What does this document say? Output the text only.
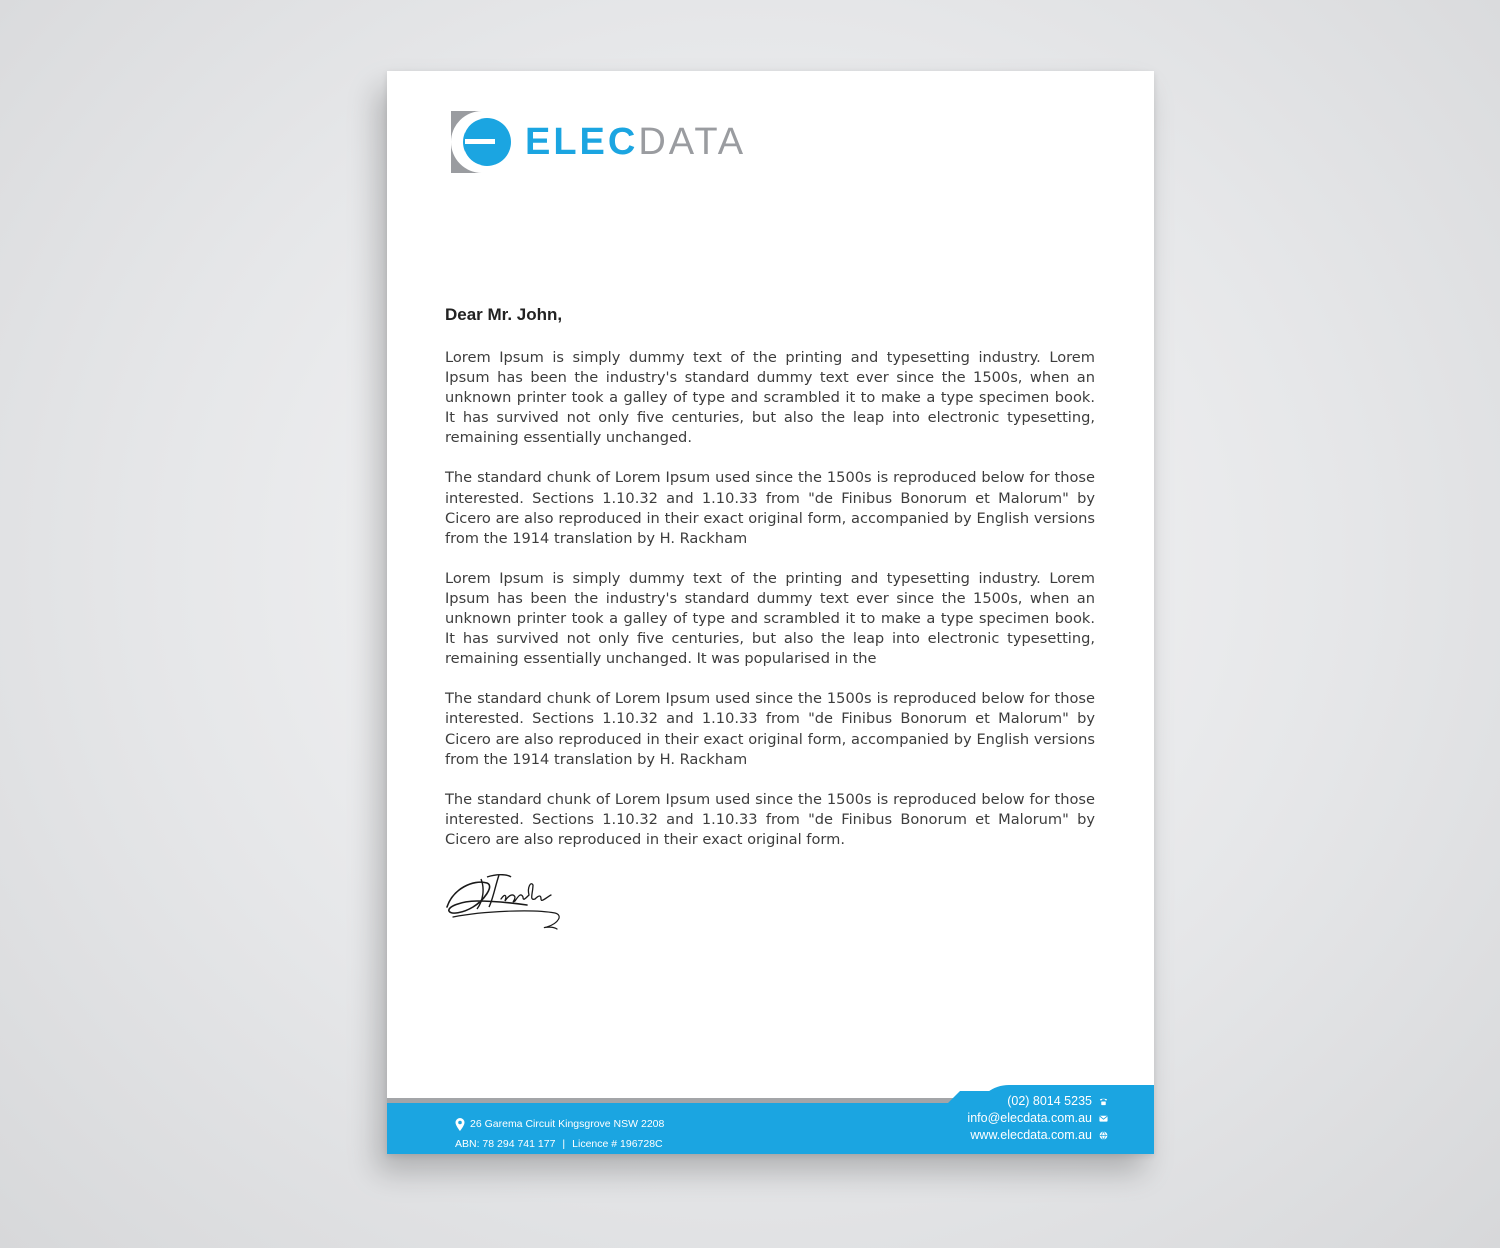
ELEC DATA
Dear Mr. John,

Lorem Ipsum is simply dummy text of the printing and typesetting industry. Lorem Ipsum has been the industry's standard dummy text ever since the 1500s, when an unknown printer took a galley of type and scrambled it to make a type specimen book. It has survived not only five centuries, but also the leap into electronic typesetting, remaining essentially unchanged.

The standard chunk of Lorem Ipsum used since the 1500s is reproduced below for those interested. Sections 1.10.32 and 1.10.33 from "de Finibus Bonorum et Malorum" by Cicero are also reproduced in their exact original form, accompanied by English versions from the 1914 translation by H. Rackham

Lorem Ipsum is simply dummy text of the printing and typesetting industry. Lorem Ipsum has been the industry's standard dummy text ever since the 1500s, when an unknown printer took a galley of type and scrambled it to make a type specimen book. It has survived not only five centuries, but also the leap into electronic typesetting, remaining essentially unchanged. It was popularised in the

The standard chunk of Lorem Ipsum used since the 1500s is reproduced below for those interested. Sections 1.10.32 and 1.10.33 from "de Finibus Bonorum et Malorum" by Cicero are also reproduced in their exact original form, accompanied by English versions from the 1914 translation by H. Rackham

The standard chunk of Lorem Ipsum used since the 1500s is reproduced below for those interested. Sections 1.10.32 and 1.10.33 from "de Finibus Bonorum et Malorum" by Cicero are also reproduced in their exact original form.

26 Garema Circuit Kingsgrove NSW 2208
ABN: 78 294 741 177 | Licence # 196728C
(02) 8014 5235
info@elecdata.com.au
www.elecdata.com.au
